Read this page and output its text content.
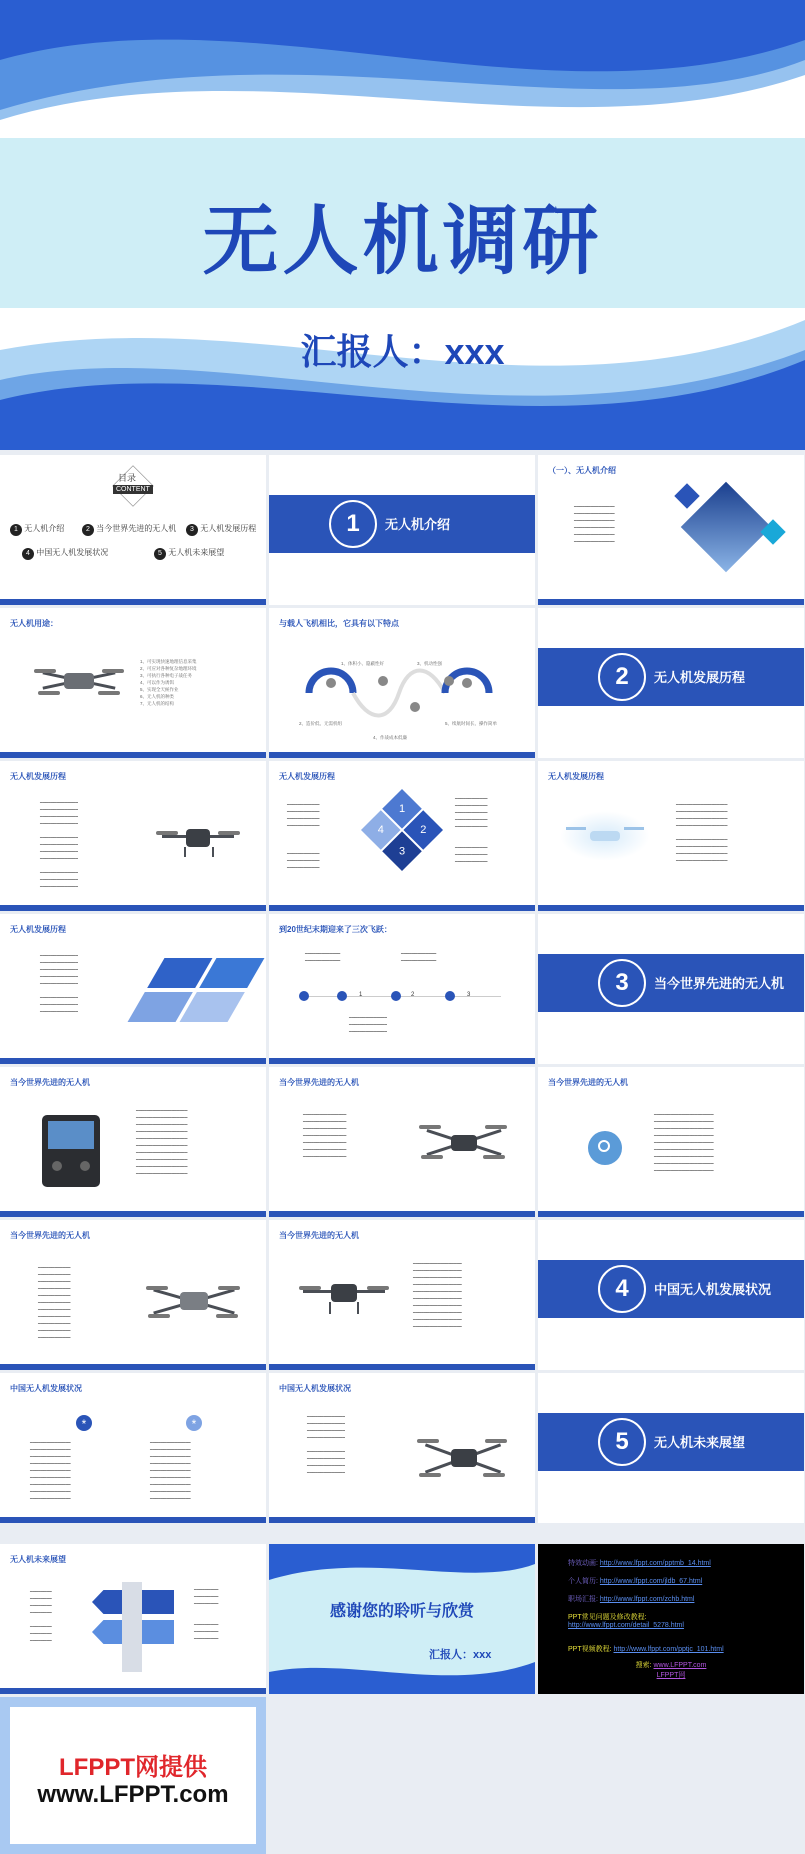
无人机调研
汇报人：xxx
目录
CONTENT
1 无人机介绍	2 当今世界先进的无人机	3 无人机发展历程
4 中国无人机发展状况	5 无人机未来展望
1	无人机介绍
（一）、无人机介绍
━━━━━━━━━━━━━━━
━━━━━━━━━━━━━━━
━━━━━━━━━━━━━━━
━━━━━━━━━━━━━━━
━━━━━━━━━━━━━━━
━━━━━━━━━━━━━━━
无人机用途：
1、可实现快速地理信息采集
2、可应对各种复杂地理环境
3、可执行各种电子战任务
4、可以作为诱饵
5、实现全天候作业
6、无人机的种类
7、无人机的结构
与载人飞机相比，它具有以下特点
1、体积小、隐蔽性好
2、造价低、无需机组
3、机动性强
4、作战成本低廉
5、续航时间长、操作简单
2	无人机发展历程
无人机发展历程
━━━━━━━━━━━━━━
━━━━━━━━━━━━━━
━━━━━━━━━━━━━━
━━━━━━━━━━━━━━

━━━━━━━━━━━━━━
━━━━━━━━━━━━━━
━━━━━━━━━━━━━━
━━━━━━━━━━━━━━

━━━━━━━━━━━━━━
━━━━━━━━━━━━━━
━━━━━━━━━━━━━━
无人机发展历程
━━━━━━━━━━━━
━━━━━━━━━━━━
━━━━━━━━━━━━
━━━━━━━━━━━━

━━━━━━━━━━━━
━━━━━━━━━━━━
━━━━━━━━━━━━
1
2
4
3
━━━━━━━━━━━━
━━━━━━━━━━━━
━━━━━━━━━━━━
━━━━━━━━━━━━
━━━━━━━━━━━━

━━━━━━━━━━━━
━━━━━━━━━━━━
━━━━━━━━━━━━
无人机发展历程
━━━━━━━━━━━━━━━━━━━
━━━━━━━━━━━━━━━━━━━
━━━━━━━━━━━━━━━━━━━
━━━━━━━━━━━━━━━━━━━

━━━━━━━━━━━━━━━━━━━
━━━━━━━━━━━━━━━━━━━
━━━━━━━━━━━━━━━━━━━
━━━━━━━━━━━━━━━━━━━
无人机发展历程
━━━━━━━━━━━━━━
━━━━━━━━━━━━━━
━━━━━━━━━━━━━━
━━━━━━━━━━━━━━
━━━━━━━━━━━━━━

━━━━━━━━━━━━━━
━━━━━━━━━━━━━━
━━━━━━━━━━━━━━
到20世纪末期迎来了三次飞跃：
1	2	3
━━━━━━━━━━━━━
━━━━━━━━━━━━━
━━━━━━━━━━━━━
━━━━━━━━━━━━━
━━━━━━━━━━━━━━
━━━━━━━━━━━━━━
━━━━━━━━━━━━━━
3	当今世界先进的无人机
当今世界先进的无人机
━━━━━━━━━━━━━━━━━━━
━━━━━━━━━━━━━━━━━━━
━━━━━━━━━━━━━━━━━━━
━━━━━━━━━━━━━━━━━━━
━━━━━━━━━━━━━━━━━━━
━━━━━━━━━━━━━━━━━━━
━━━━━━━━━━━━━━━━━━━
━━━━━━━━━━━━━━━━━━━
━━━━━━━━━━━━━━━━━━━
━━━━━━━━━━━━━━━━━━━
当今世界先进的无人机
━━━━━━━━━━━━━━━━
━━━━━━━━━━━━━━━━
━━━━━━━━━━━━━━━━
━━━━━━━━━━━━━━━━
━━━━━━━━━━━━━━━━
━━━━━━━━━━━━━━━━
━━━━━━━━━━━━━━━━
当今世界先进的无人机
━━━━━━━━━━━━━━━━━━━━━━
━━━━━━━━━━━━━━━━━━━━━━
━━━━━━━━━━━━━━━━━━━━━━
━━━━━━━━━━━━━━━━━━━━━━
━━━━━━━━━━━━━━━━━━━━━━
━━━━━━━━━━━━━━━━━━━━━━
━━━━━━━━━━━━━━━━━━━━━━
━━━━━━━━━━━━━━━━━━━━━━
━━━━━━━━━━━━━━━━━━━━━━
当今世界先进的无人机
━━━━━━━━━━━━
━━━━━━━━━━━━
━━━━━━━━━━━━
━━━━━━━━━━━━
━━━━━━━━━━━━
━━━━━━━━━━━━
━━━━━━━━━━━━
━━━━━━━━━━━━
━━━━━━━━━━━━
━━━━━━━━━━━━
━━━━━━━━━━━━
当今世界先进的无人机
━━━━━━━━━━━━━━━━━━
━━━━━━━━━━━━━━━━━━
━━━━━━━━━━━━━━━━━━
━━━━━━━━━━━━━━━━━━
━━━━━━━━━━━━━━━━━━
━━━━━━━━━━━━━━━━━━
━━━━━━━━━━━━━━━━━━
━━━━━━━━━━━━━━━━━━
━━━━━━━━━━━━━━━━━━
━━━━━━━━━━━━━━━━━━
4	中国无人机发展状况
中国无人机发展状况
*	*
━━━━━━━━━━━━━━━
━━━━━━━━━━━━━━━
━━━━━━━━━━━━━━━
━━━━━━━━━━━━━━━
━━━━━━━━━━━━━━━
━━━━━━━━━━━━━━━
━━━━━━━━━━━━━━━
━━━━━━━━━━━━━━━
━━━━━━━━━━━━━━━
━━━━━━━━━━━━━━━
━━━━━━━━━━━━━━━
━━━━━━━━━━━━━━━
━━━━━━━━━━━━━━━
━━━━━━━━━━━━━━━
━━━━━━━━━━━━━━━
━━━━━━━━━━━━━━━
━━━━━━━━━━━━━━━
━━━━━━━━━━━━━━━
中国无人机发展状况
━━━━━━━━━━━━━━
━━━━━━━━━━━━━━
━━━━━━━━━━━━━━
━━━━━━━━━━━━━━

━━━━━━━━━━━━━━
━━━━━━━━━━━━━━
━━━━━━━━━━━━━━
━━━━━━━━━━━━━━
5	无人机未来展望
无人机未来展望
━━━━━━━━
━━━━━━━━
━━━━━━━━
━━━━━━━━

━━━━━━━━
━━━━━━━━
━━━━━━━━
━━━━━━━━━
━━━━━━━━━
━━━━━━━━━

━━━━━━━━━
━━━━━━━━━
━━━━━━━━━
感谢您的聆听与欣赏
汇报人：xxx
特效动画: http://www.lfppt.com/pptmb_14.html
个人简历: http://www.lfppt.com/jldb_67.html
职场汇报: http://www.lfppt.com/zchb.html
PPT常见问题及修改教程:
http://www.lfppt.com/detail_5278.html
PPT视频教程: http://www.lfppt.com/pptjc_101.html
搜索: www.LFPPT.com
LFPPT网
LFPPT网提供
www.LFPPT.com
